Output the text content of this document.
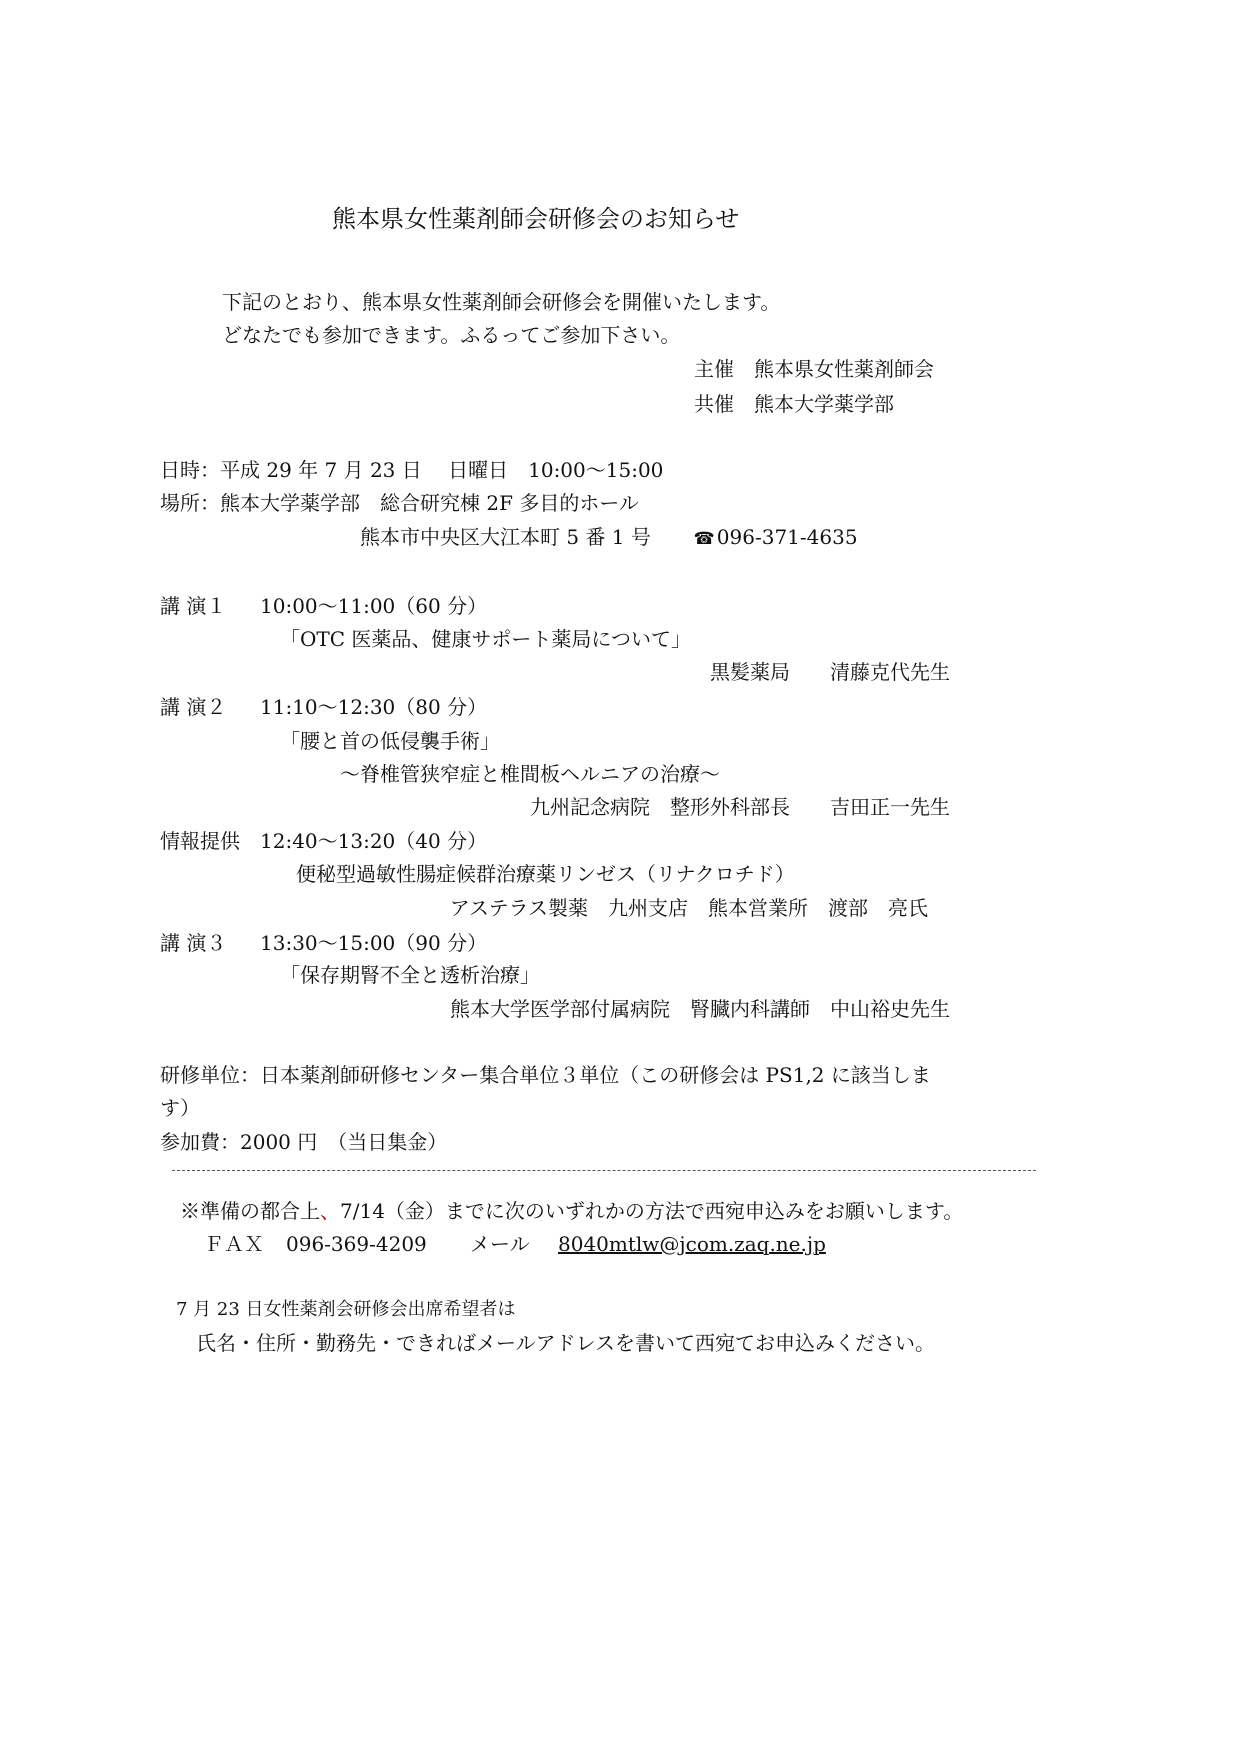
熊本県女性薬剤師会研修会のお知らせ
下記のとおり、熊本県女性薬剤師会研修会を開催いたします。
どなたでも参加できます。ふるってご参加下さい。
主催　熊本県女性薬剤師会
共催　熊本大学薬学部
日時：平成 29 年 7 月 23 日　 日曜日　10:00～15:00
場所：熊本大学薬学部　総合研究棟 2F 多目的ホール
熊本市中央区大江本町 5 番 1 号	☎ 096-371-4635
講 演１ 10:00～11:00（60 分）
「OTC 医薬品、健康サポート薬局について」
黒髪薬局　　清藤克代先生
講 演２ 11:10～12:30（80 分）
「腰と首の低侵襲手術」
～脊椎管狭窄症と椎間板ヘルニアの治療～
九州記念病院　整形外科部長　　吉田正一先生
情報提供 12:40～13:20（40 分）
便秘型過敏性腸症候群治療薬リンゼス（リナクロチド）
アステラス製薬　九州支店　熊本営業所　渡部　亮氏
講 演３ 13:30～15:00（90 分）
「保存期腎不全と透析治療」
熊本大学医学部付属病院　腎臓内科講師　中山裕史先生
研修単位：日本薬剤師研修センター集合単位３単位（この研修会は PS1,2 に該当しま
す）
参加費：2000 円　（当日集金）
※準備の都合上、7/14（金）までに次のいずれかの方法で西宛申込みをお願いします。
ＦＡＸ 096-369-4209 メール 8040mtlw@jcom.zaq.ne.jp
7 月 23 日女性薬剤会研修会出席希望者は
氏名・住所・勤務先・できればメールアドレスを書いて西宛てお申込みください。
